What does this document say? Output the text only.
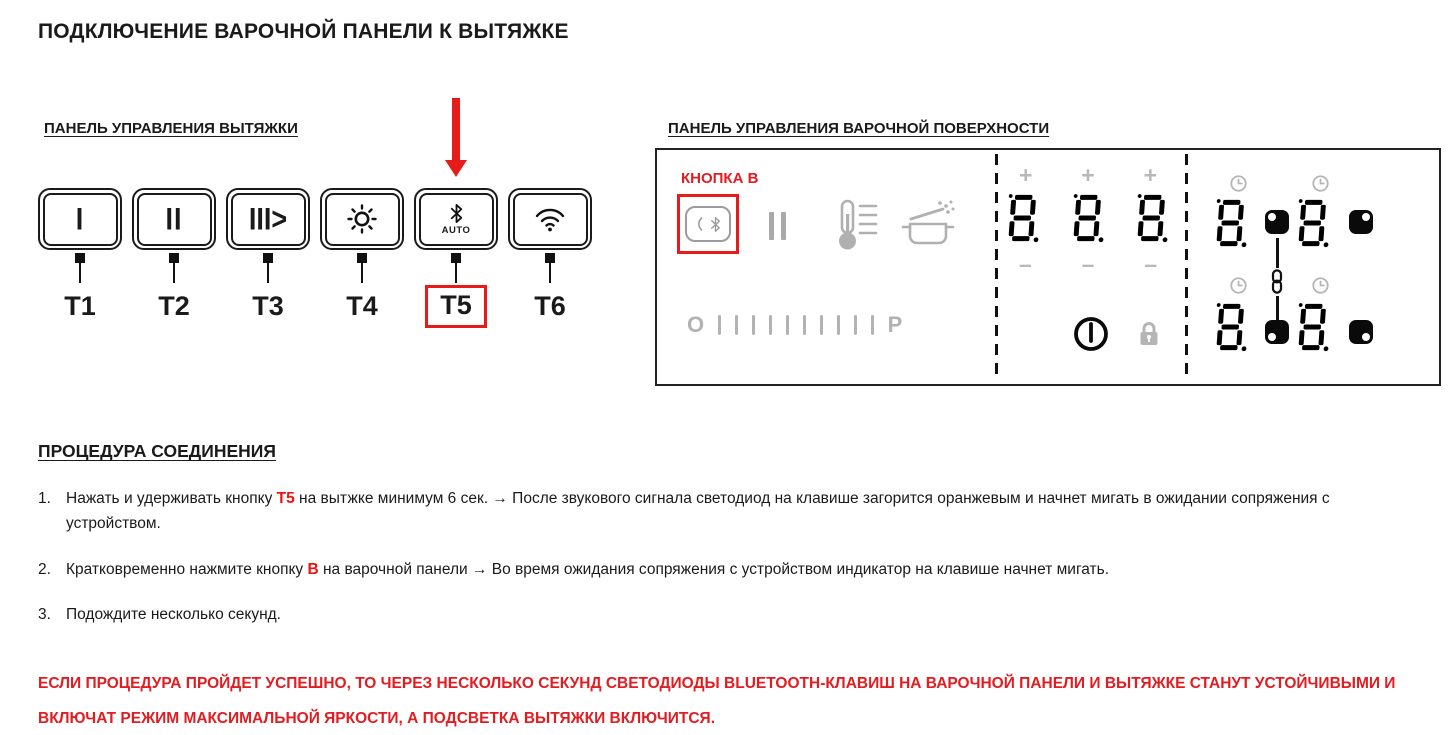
ПОДКЛЮЧЕНИЕ ВАРОЧНОЙ ПАНЕЛИ К ВЫТЯЖКЕ
ПАНЕЛЬ УПРАВЛЕНИЯ ВЫТЯЖКИ
I
T1
II
T2
III>
T3 T4
AUTO
T5	T6
ПАНЕЛЬ УПРАВЛЕНИЯ ВАРОЧНОЙ ПОВЕРХНОСТИ
КНОПКА B
O	P
+ + +
– – –
ПРОЦЕДУРА СОЕДИНЕНИЯ
1. Нажать и удерживать кнопку T5 на вытжке минимум 6 сек. → После звукового сигнала светодиод на клавише загорится оранжевым и начнет мигать в ожидании сопряжения с устройством.
2. Кратковременно нажмите кнопку B на варочной панели → Во время ожидания сопряжения с устройством индикатор на клавише начнет мигать.
3. Подождите несколько секунд.
ЕСЛИ ПРОЦЕДУРА ПРОЙДЕТ УСПЕШНО, ТО ЧЕРЕЗ НЕСКОЛЬКО СЕКУНД СВЕТОДИОДЫ BLUETOOTH-КЛАВИШ НА ВАРОЧНОЙ ПАНЕЛИ И ВЫТЯЖКЕ СТАНУТ УСТОЙЧИВЫМИ И ВКЛЮЧАТ РЕЖИМ МАКСИМАЛЬНОЙ ЯРКОСТИ, А ПОДСВЕТКА ВЫТЯЖКИ ВКЛЮЧИТСЯ.
